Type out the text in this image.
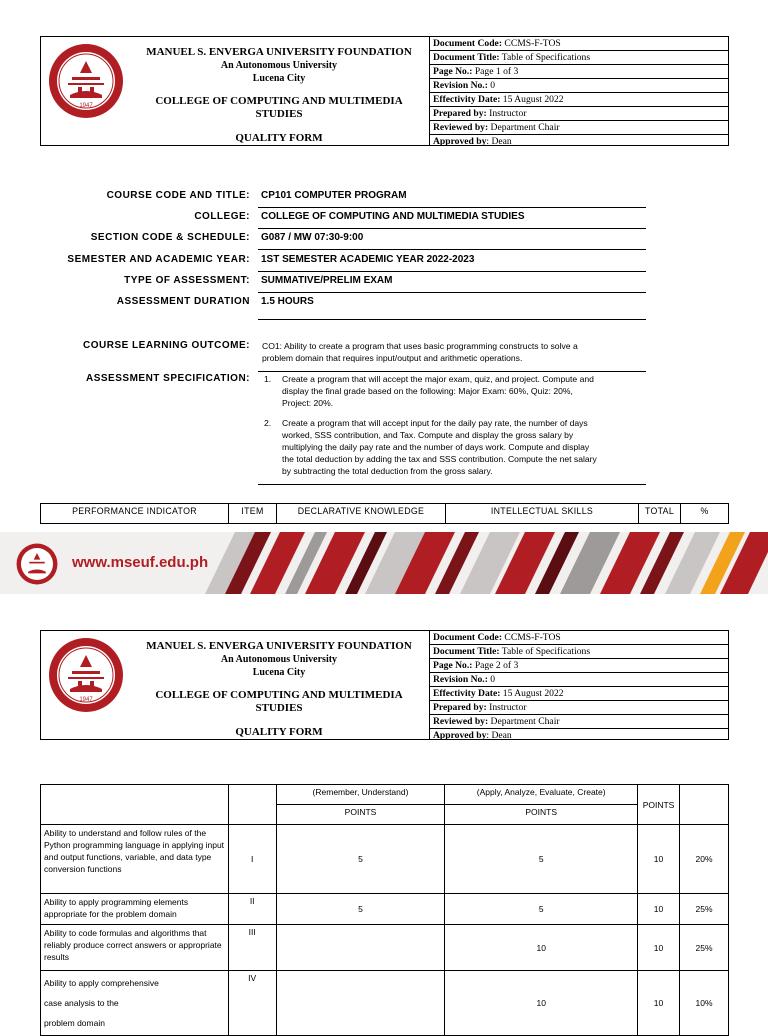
1947
MANUEL S. ENVERGA UNIVERSITY FOUNDATION
An Autonomous University
Lucena City
COLLEGE OF COMPUTING AND MULTIMEDIA
STUDIES
QUALITY FORM
Document Code: CCMS-F-TOS
Document Title: Table of Specifications
Page No.: Page 1 of 3
Revision No.: 0
Effectivity Date: 15 August 2022
Prepared by: Instructor
Reviewed by: Department Chair
Approved by: Dean
COURSE CODE AND TITLE: CP101 COMPUTER PROGRAM
COLLEGE: COLLEGE OF COMPUTING AND MULTIMEDIA STUDIES
SECTION CODE & SCHEDULE: G087 / MW 07:30-9:00
SEMESTER AND ACADEMIC YEAR: 1ST SEMESTER ACADEMIC YEAR 2022-2023
TYPE OF ASSESSMENT: SUMMATIVE/PRELIM EXAM
ASSESSMENT DURATION 1.5 HOURS
COURSE LEARNING OUTCOME: CO1: Ability to create a program that uses basic programming constructs to solve a
problem domain that requires input/output and arithmetic operations.
ASSESSMENT SPECIFICATION: 1. Create a program that will accept the major exam, quiz, and project. Compute and
display the final grade based on the following: Major Exam: 60%, Quiz: 20%,
Project: 20%.
2. Create a program that will accept input for the daily pay rate, the number of days
worked, SSS contribution, and Tax. Compute and display the gross salary by
multiplying the daily pay rate and the number of days work. Compute and display
the total deduction by adding the tax and SSS contribution. Compute the net salary
by subtracting the total deduction from the gross salary.
PERFORMANCE INDICATOR	ITEM	DECLARATIVE KNOWLEDGE	INTELLECTUAL SKILLS	TOTAL	%
www.mseuf.edu.ph
1947
MANUEL S. ENVERGA UNIVERSITY FOUNDATION
An Autonomous University
Lucena City
COLLEGE OF COMPUTING AND MULTIMEDIA
STUDIES
QUALITY FORM
Document Code: CCMS-F-TOS
Document Title: Table of Specifications
Page No.: Page 2 of 3
Revision No.: 0
Effectivity Date: 15 August 2022
Prepared by: Instructor
Reviewed by: Department Chair
Approved by: Dean
		(Remember, Understand)	(Apply, Analyze, Evaluate, Create)	POINTS	
		POINTS	POINTS		
Ability to understand and follow rules of the Python programming language in applying input and output functions, variable, and data type conversion functions	I	5	5	10	20%
Ability to apply programming elements appropriate for the problem domain	II	5	5	10	25%
Ability to code formulas and algorithms that reliably produce correct answers or appropriate results	III		10	10	25%

Ability to apply comprehensive
case analysis to the
problem domain	IV		10	10	10%
